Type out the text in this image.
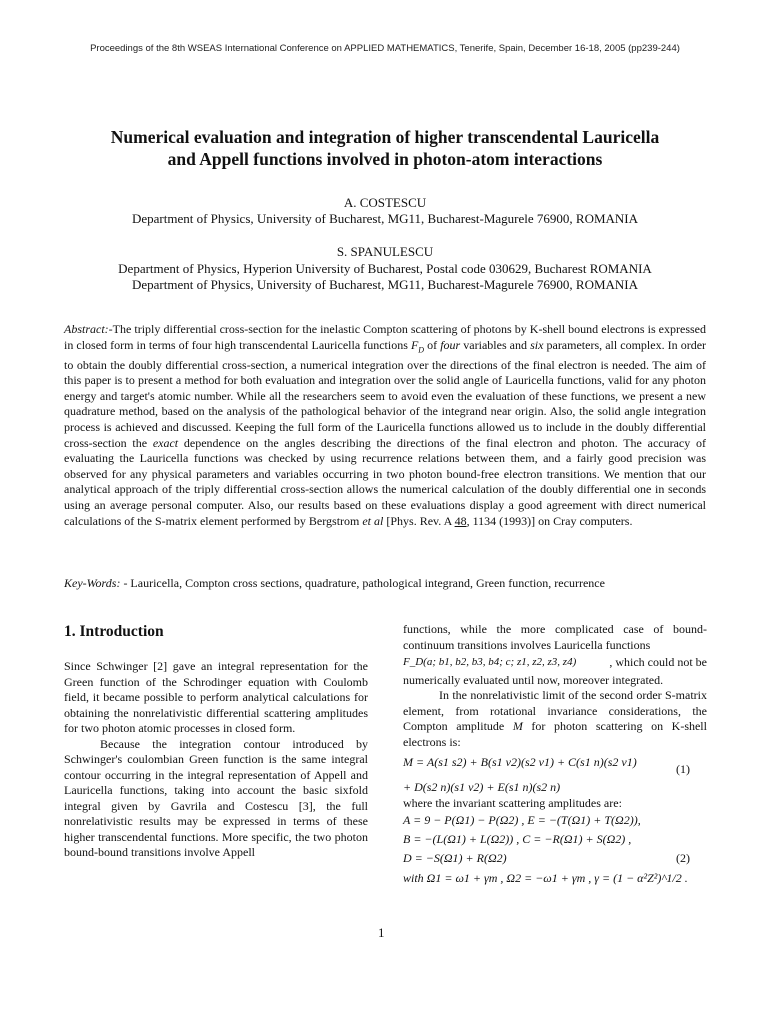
Proceedings of the 8th WSEAS International Conference on APPLIED MATHEMATICS, Tenerife, Spain, December 16-18, 2005 (pp239-244)
Numerical evaluation and integration of higher transcendental Lauricella
and Appell functions involved in photon-atom interactions
A. COSTESCU
Department of Physics, University of Bucharest, MG11, Bucharest-Magurele 76900, ROMANIA
S. SPANULESCU
Department of Physics, Hyperion University of Bucharest, Postal code 030629, Bucharest ROMANIA
Department of Physics, University of Bucharest, MG11, Bucharest-Magurele 76900, ROMANIA
Abstract:-The triply differential cross-section for the inelastic Compton scattering of photons by K-shell bound electrons is expressed in closed form in terms of four high transcendental Lauricella functions $F_D$ of four variables and six parameters, all complex. In order to obtain the doubly differential cross-section, a numerical integration over the directions of the final electron is needed. The aim of this paper is to present a method for both evaluation and integration over the solid angle of Lauricella functions, valid for any photon energy and target's atomic number. While all the researchers seem to avoid even the evaluation of these functions, we present a new quadrature method, based on the analysis of the pathological behavior of the integrand near origin. Also, the solid angle integration process is achieved and discussed. Keeping the full form of the Lauricella functions allowed us to include in the doubly differential cross-section the exact dependence on the angles describing the directions of the final electron and photon. The accuracy of evaluating the Lauricella functions was checked by using recurrence relations between them, and a fairly good precision was observed for any physical parameters and variables occurring in two photon bound-free electron transitions. We mention that our analytical approach of the triply differential cross-section allows the numerical calculation of the doubly differential one in seconds using an average personal computer. Also, our results based on these evaluations display a good agreement with direct numerical calculations of the S-matrix element performed by Bergstrom et al [Phys. Rev. A 48, 1134 (1993)] on Cray computers.
Key-Words: - Lauricella, Compton cross sections, quadrature, pathological integrand, Green function, recurrence
1. Introduction

Since Schwinger [2] gave an integral representation for the Green function of the Schrodinger equation with Coulomb field, it became possible to perform analytical calculations for obtaining the nonrelativistic differential scattering amplitudes for two photon atomic processes in closed form.

Because the integration contour introduced by Schwinger's coulombian Green function is the same integral contour occurring in the integral representation of Appell and Lauricella functions, taking into account the basic sixfold integral given by Gavrila and Costescu [3], the full nonrelativistic results may be expressed in terms of these higher transcendental functions. More specific, the two photon bound-bound transitions involve Appell

functions, while the more complicated case of bound-continuum transitions involves Lauricella functions

F_D(a; b1, b2, b3, b4; c; z1, z2, z3, z4)	, which could not be
numerically evaluated until now, moreover integrated.

In the nonrelativistic limit of the second order S-matrix element, from rotational invariance considerations, the Compton amplitude M for photon scattering on K-shell electrons is:

M = A(s1 s2) + B(s1 v2)(s2 v1) + C(s1 n)(s2 v1)	(1)
+ D(s2 n)(s1 v2) + E(s1 n)(s2 n)

where the invariant scattering amplitudes are:

A = 9 − P(Ω1) − P(Ω2) , E = −(T(Ω1) + T(Ω2)),
B = −(L(Ω1) + L(Ω2)) , C = −R(Ω1) + S(Ω2) ,
D = −S(Ω1) + R(Ω2)	(2)
with Ω1 = ω1 + γm , Ω2 = −ω1 + γm , γ = (1 − α²Z²)^1/2 .
1
